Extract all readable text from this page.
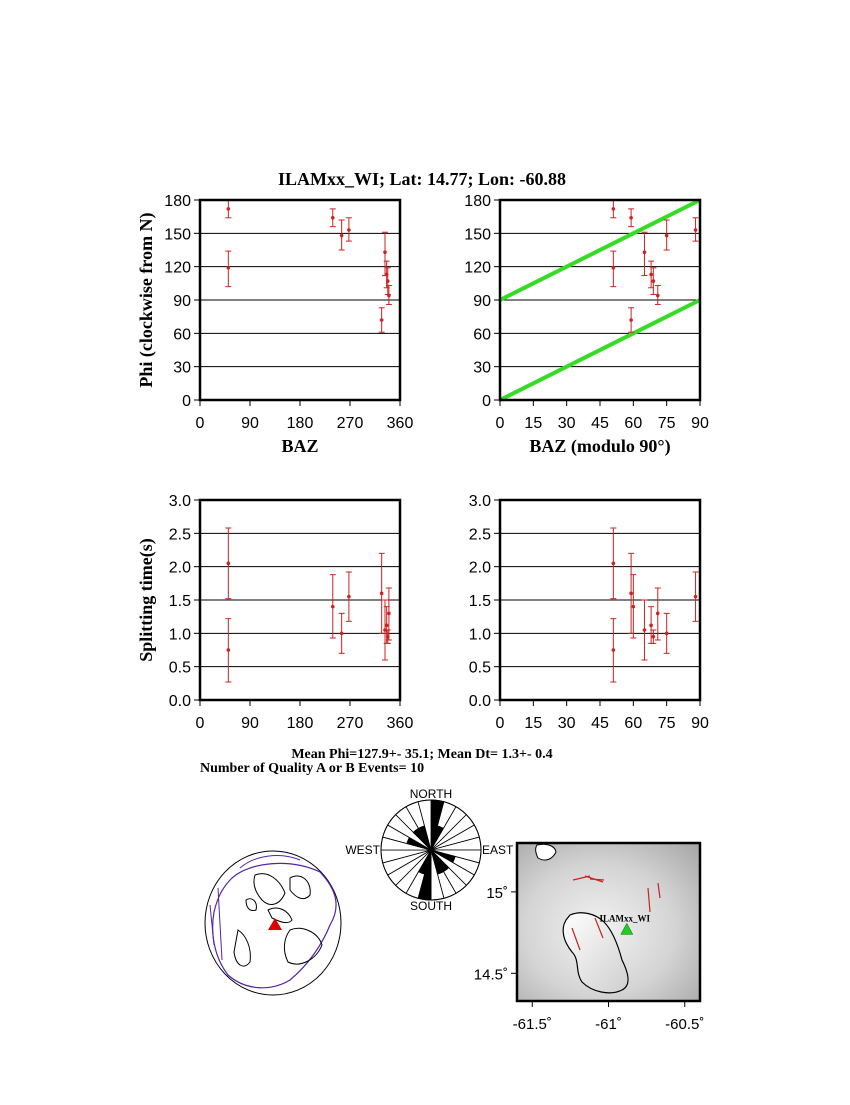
ILAMxx_WI; Lat: 14.77; Lon: -60.88
0
30
60
90
120
150
180
0 90 180 270 360
BAZ
Phi (clockwise from N)
0
30
60
90
120
150
180
0 15 30 45 60 75 90
BAZ (modulo 90°)
0.0
0.5
1.0
1.5
2.0
2.5
3.0
0 90 180 270 360
Splitting time(s)
0.0
0.5
1.0
1.5
2.0
2.5
3.0
0 15 30 45 60 75 90
Mean Phi=127.9+- 35.1; Mean Dt= 1.3+- 0.4
Number of Quality A or B Events= 10
NORTH
SOUTH
EAST
WEST
ILAMxx_WI
-61.5˚	-61˚	-60.5˚
15˚
14.5˚
